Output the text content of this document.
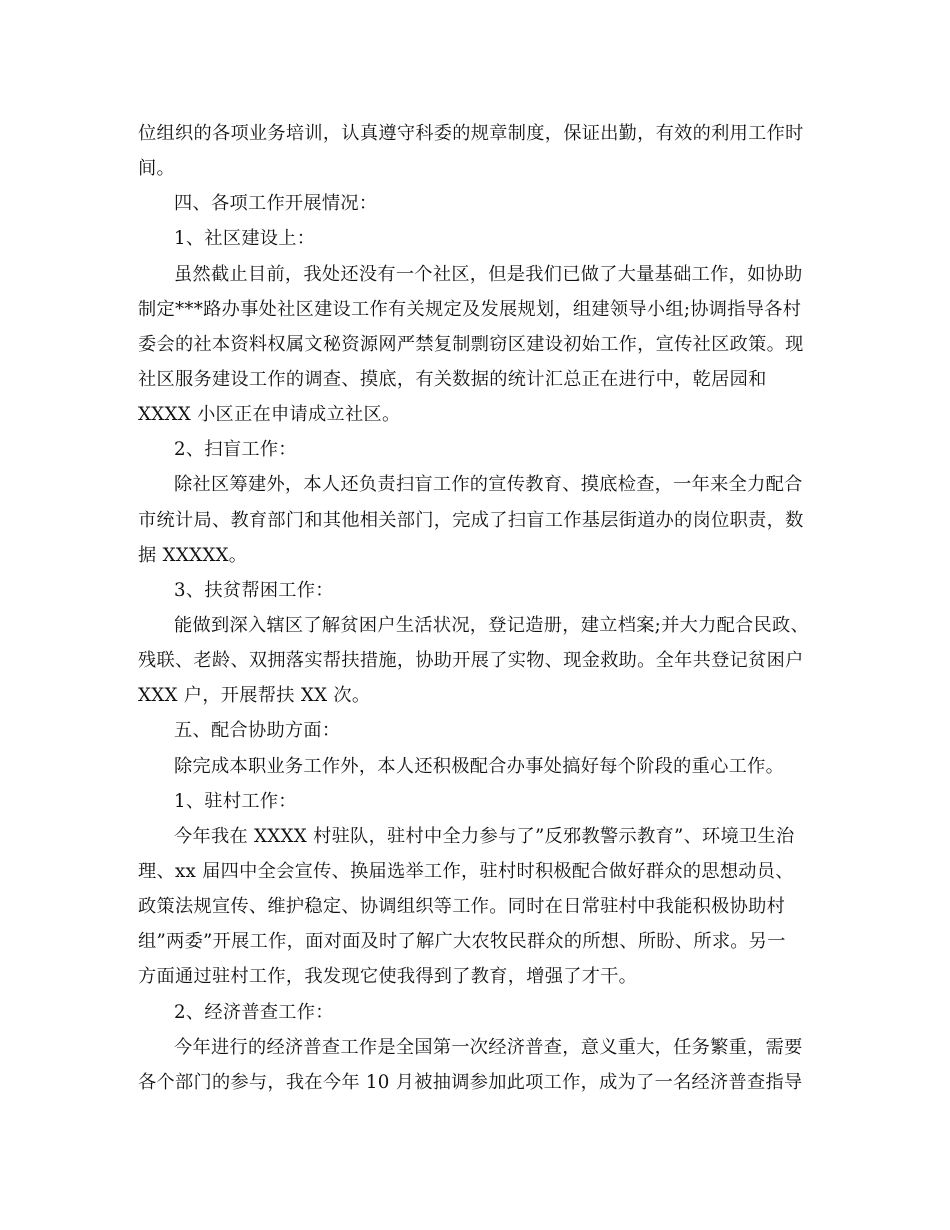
位组织的各项业务培训，认真遵守科委的规章制度，保证出勤，有效的利用工作时
间。
四、各项工作开展情况：
1、社区建设上：
虽然截止目前，我处还没有一个社区，但是我们已做了大量基础工作，如协助
制定***路办事处社区建设工作有关规定及发展规划，组建领导小组;协调指导各村
委会的社本资料权属文秘资源网严禁复制剽窃区建设初始工作，宣传社区政策。现
社区服务建设工作的调查、摸底，有关数据的统计汇总正在进行中，乾居园和
XXXX 小区正在申请成立社区。
2、扫盲工作：
除社区筹建外，本人还负责扫盲工作的宣传教育、摸底检查，一年来全力配合
市统计局、教育部门和其他相关部门，完成了扫盲工作基层街道办的岗位职责，数
据 XXXXX。
3、扶贫帮困工作：
能做到深入辖区了解贫困户生活状况，登记造册，建立档案;并大力配合民政、
残联、老龄、双拥落实帮扶措施，协助开展了实物、现金救助。全年共登记贫困户
XXX 户，开展帮扶 XX 次。
五、配合协助方面：
除完成本职业务工作外，本人还积极配合办事处搞好每个阶段的重心工作。
1、驻村工作：
今年我在 XXXX 村驻队，驻村中全力参与了”反邪教警示教育”、环境卫生治
理、xx 届四中全会宣传、换届选举工作，驻村时积极配合做好群众的思想动员、
政策法规宣传、维护稳定、协调组织等工作。同时在日常驻村中我能积极协助村
组”两委”开展工作，面对面及时了解广大农牧民群众的所想、所盼、所求。另一
方面通过驻村工作，我发现它使我得到了教育，增强了才干。
2、经济普查工作：
今年进行的经济普查工作是全国第一次经济普查，意义重大，任务繁重，需要
各个部门的参与，我在今年 10 月被抽调参加此项工作，成为了一名经济普查指导
